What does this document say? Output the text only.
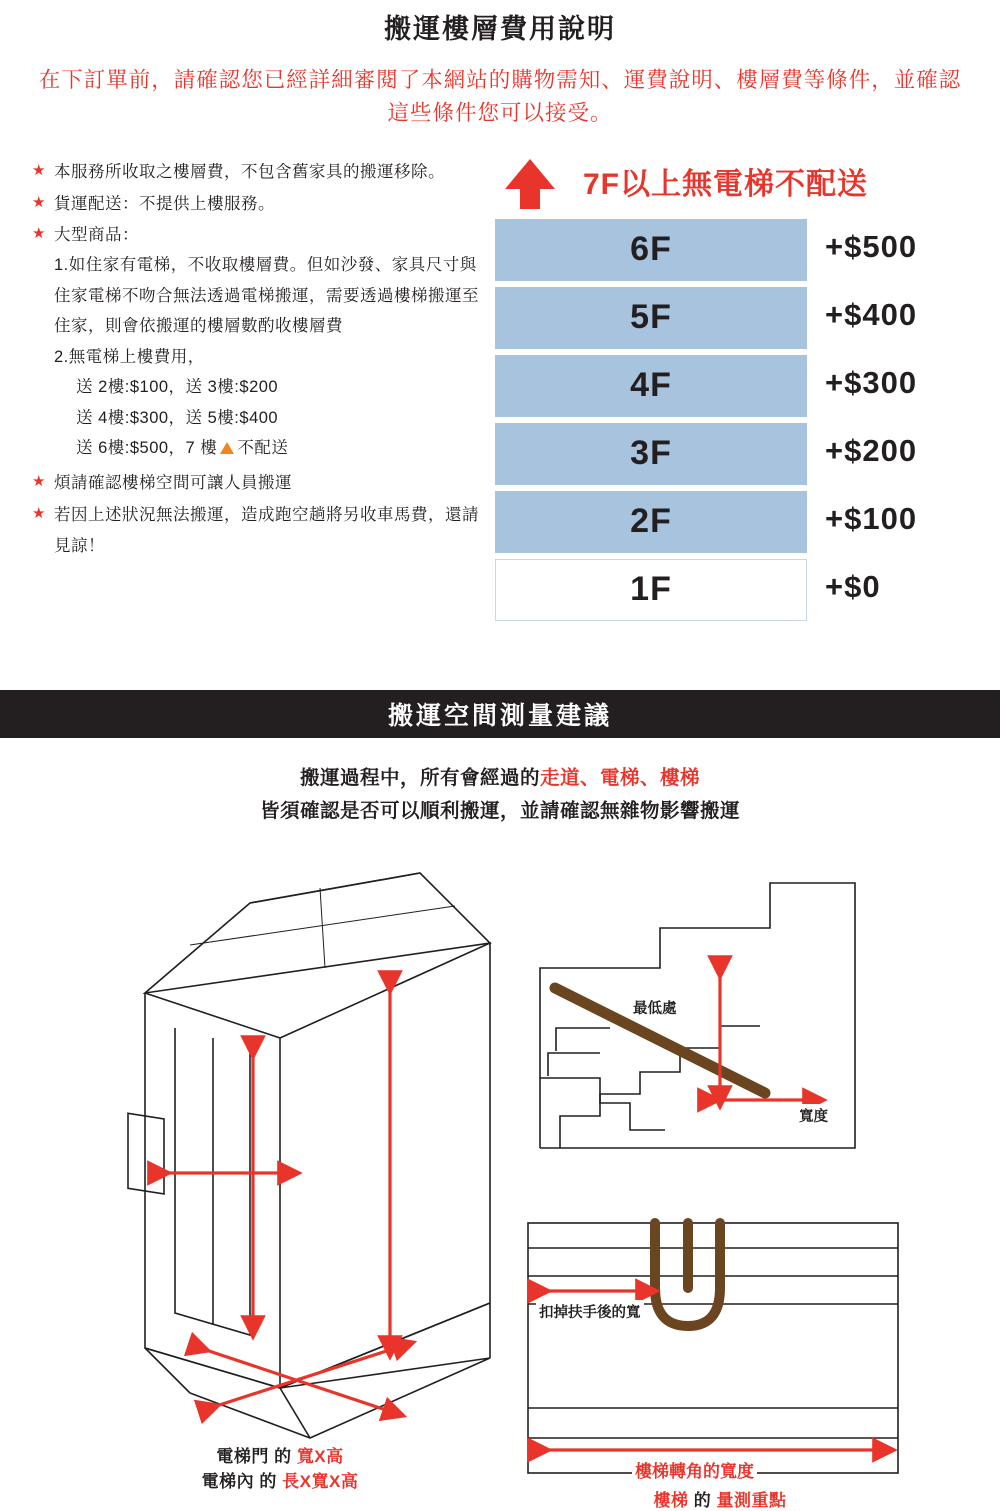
搬運樓層費用說明
在下訂單前，請確認您已經詳細審閱了本網站的購物需知、運費說明、樓層費等條件，並確認這些條件您可以接受。
★ 本服務所收取之樓層費，不包含舊家具的搬運移除。
★ 貨運配送：不提供上樓服務。
★ 大型商品：
1.如住家有電梯，不收取樓層費。但如沙發、家具尺寸與住家電梯不吻合無法透過電梯搬運，需要透過樓梯搬運至住家，則會依搬運的樓層數酌收樓層費
2.無電梯上樓費用，
送 2樓:$100，送 3樓:$200
送 4樓:$300，送 5樓:$400
送 6樓:$500，7 樓 不配送
★ 煩請確認樓梯空間可讓人員搬運
★ 若因上述狀況無法搬運，造成跑空趟將另收車馬費，還請見諒！
7F以上無電梯不配送
6F	+$500
5F	+$400
4F	+$300
3F	+$200
2F	+$100
1F	+$0
搬運空間測量建議
搬運過程中，所有會經過的走道、電梯、樓梯
皆須確認是否可以順利搬運，並請確認無雜物影響搬運
最低處
寬度
扣掉扶手後的寬
樓梯轉角的寬度
電梯門 的 寬X高
電梯內 的 長X寬X高
樓梯 的 量測重點
